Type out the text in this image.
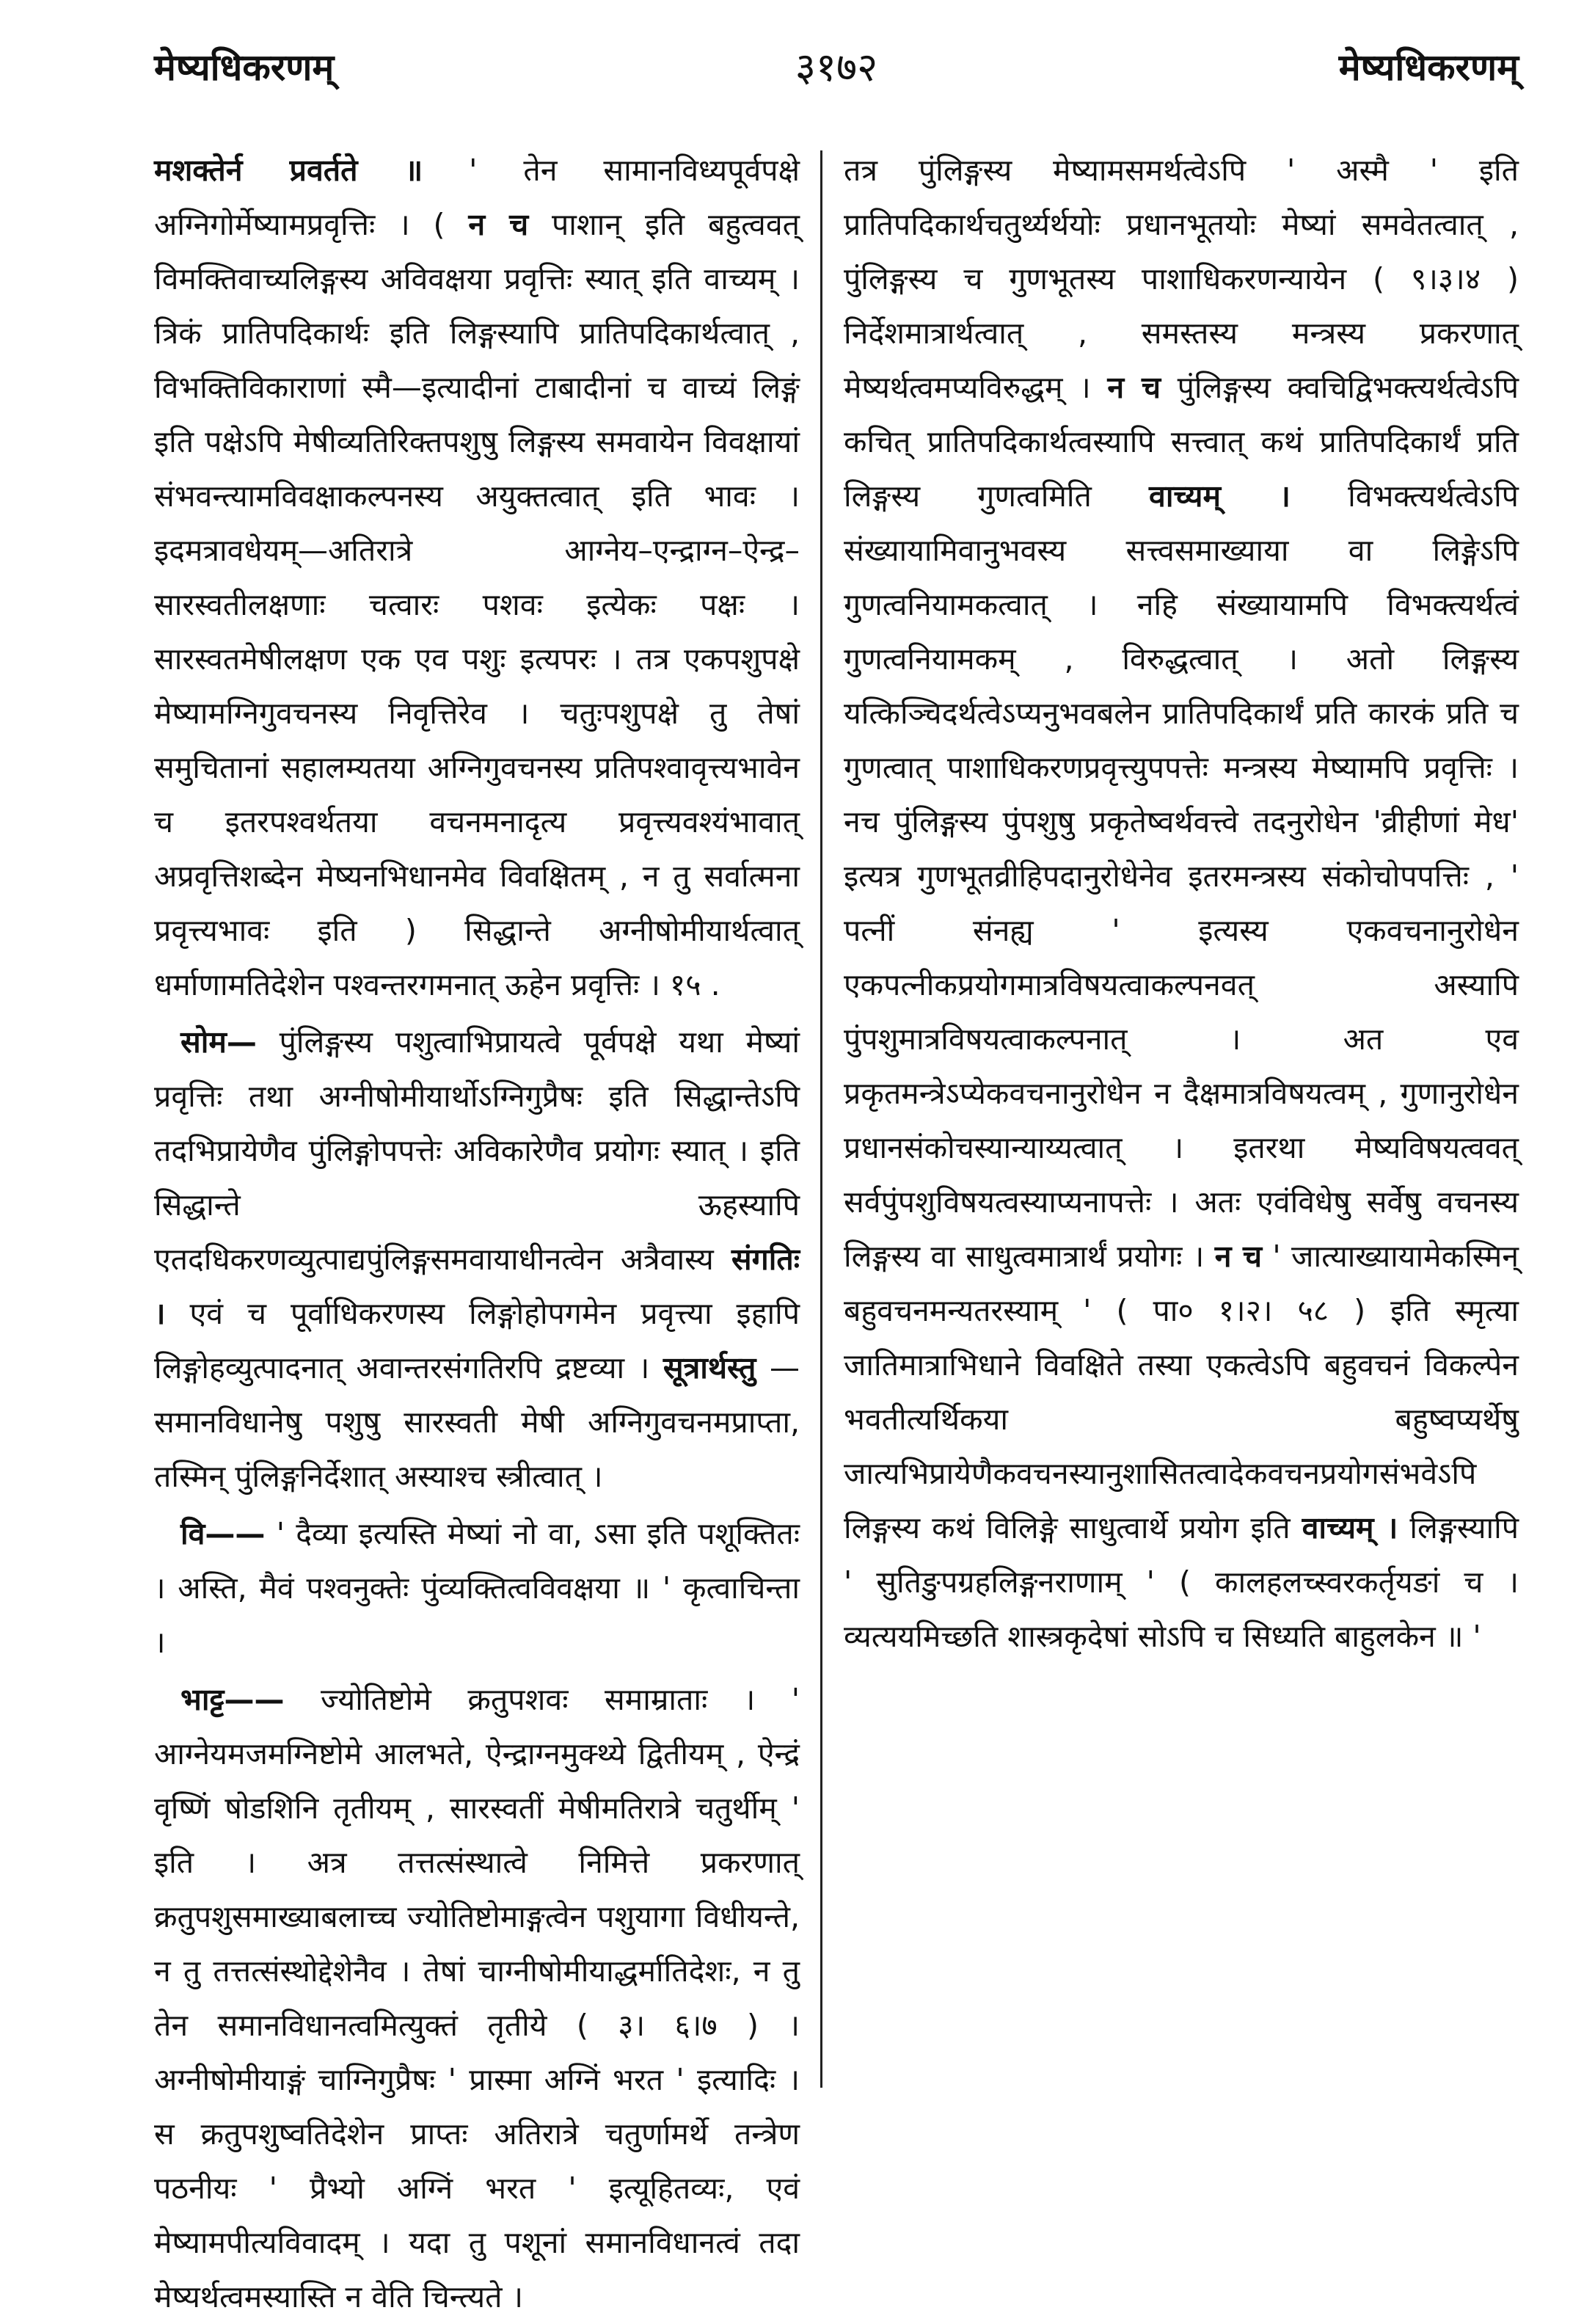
मेष्यधिकरणम्	३१७२	मेष्यधिकरणम्

मशक्तेर्न प्रवर्तते ॥ ' तेन सामानविध्यपूर्वपक्षे अग्निगोर्मेष्यामप्रवृत्तिः । ( न च पाशान् इति बहुत्ववत् विमक्तिवाच्यलिङ्गस्य अविवक्षया प्रवृत्तिः स्यात् इति वाच्यम् । त्रिकं प्रातिपदिकार्थः इति लिङ्गस्यापि प्रातिपदिकार्थत्वात् , विभक्तिविकाराणां स्मै—इत्यादीनां टाबादीनां च वाच्यं लिङ्गं इति पक्षेऽपि मेषीव्यतिरिक्तपशुषु लिङ्गस्य समवायेन विवक्षायां संभवन्त्यामविवक्षाकल्पनस्य अयुक्तत्वात् इति भावः । इदमत्रावधेयम्—अतिरात्रे आग्नेय–एन्द्राग्न–ऐन्द्र–सारस्वतीलक्षणाः चत्वारः पशवः इत्येकः पक्षः । सारस्वतमेषीलक्षण एक एव पशुः इत्यपरः । तत्र एकपशुपक्षे मेष्यामग्निगुवचनस्य निवृत्तिरेव । चतुःपशुपक्षे तु तेषां समुचितानां सहालम्यतया अग्निगुवचनस्य प्रतिपश्वावृत्त्यभावेन च इतरपश्वर्थतया वचनमनादृत्य प्रवृत्त्यवश्यंभावात् अप्रवृत्तिशब्देन मेष्यनभिधानमेव विवक्षितम् , न तु सर्वात्मना प्रवृत्त्यभावः इति ) सिद्धान्ते अग्नीषोमीयार्थत्वात् धर्माणामतिदेशेन पश्वन्तरगमनात् ऊहेन प्रवृत्तिः । १५ .

सोम— पुंलिङ्गस्य पशुत्वाभिप्रायत्वे पूर्वपक्षे यथा मेष्यां प्रवृत्तिः तथा अग्नीषोमीयार्थोऽग्निगुप्रैषः इति सिद्धान्तेऽपि तदभिप्रायेणैव पुंलिङ्गोपपत्तेः अविकारेणैव प्रयोगः स्यात् । इति सिद्धान्ते ऊहस्यापि एतदधिकरणव्युत्पाद्यपुंलिङ्गसमवायाधीनत्वेन अत्रैवास्य संगतिः । एवं च पूर्वाधिकरणस्य लिङ्गोहोपगमेन प्रवृत्त्या इहापि लिङ्गोहव्युत्पादनात् अवान्तरसंगतिरपि द्रष्टव्या । सूत्रार्थस्तु —समानविधानेषु पशुषु सारस्वती मेषी अग्निगुवचनमप्राप्ता, तस्मिन् पुंलिङ्गनिर्देशात् अस्याश्च स्त्रीत्वात् ।

वि—— ' दैव्या इत्यस्ति मेष्यां नो वा, ऽसा इति पशूक्तितः । अस्ति, मैवं पश्वनुक्तेः पुंव्यक्तित्वविवक्षया ॥ ' कृत्वाचिन्ता ।

भाट्ट—— ज्योतिष्टोमे क्रतुपशवः समाम्राताः । ' आग्नेयमजमग्निष्टोमे आलभते, ऐन्द्राग्नमुक्थ्ये द्वितीयम् , ऐन्द्रं वृष्णिं षोडशिनि तृतीयम् , सारस्वतीं मेषीमतिरात्रे चतुर्थीम् ' इति । अत्र तत्तत्संस्थात्वे निमित्ते प्रकरणात् क्रतुपशुसमाख्याबलाच्च ज्योतिष्टोमाङ्गत्वेन पशुयागा विधीयन्ते, न तु तत्तत्संस्थोद्देशेनैव । तेषां चाग्नीषोमीयाद्धर्मातिदेशः, न तु तेन समानविधानत्वमित्युक्तं तृतीये ( ३। ६।७ ) । अग्नीषोमीयाङ्गं चाग्निगुप्रैषः ' प्रास्मा अग्निं भरत ' इत्यादिः । स क्रतुपशुष्वतिदेशेन प्राप्तः अतिरात्रे चतुर्णामर्थे तन्त्रेण पठनीयः ' प्रैभ्यो अग्निं भरत ' इत्यूहितव्यः, एवं मेष्यामपीत्यविवादम् । यदा तु पशूनां समानविधानत्वं तदा मेष्यर्थत्वमस्यास्ति न वेति चिन्त्यते ।

तत्र पुंलिङ्गस्य मेष्यामसमर्थत्वेऽपि ' अस्मै ' इति प्रातिपदिकार्थचतुर्थ्यर्थयोः प्रधानभूतयोः मेष्यां समवेतत्वात् , पुंलिङ्गस्य च गुणभूतस्य पाशाधिकरणन्यायेन ( ९।३।४ ) निर्देशमात्रार्थत्वात् , समस्तस्य मन्त्रस्य प्रकरणात् मेष्यर्थत्वमप्यविरुद्धम् । न च पुंलिङ्गस्य क्वचिद्विभक्त्यर्थत्वेऽपि कचित् प्रातिपदिकार्थत्वस्यापि सत्त्वात् कथं प्रातिपदिकार्थं प्रति लिङ्गस्य गुणत्वमिति वाच्यम् । विभक्त्यर्थत्वेऽपि संख्यायामिवानुभवस्य सत्त्वसमाख्याया वा लिङ्गेऽपि गुणत्वनियामकत्वात् । नहि संख्यायामपि विभक्त्यर्थत्वं गुणत्वनियामकम् , विरुद्धत्वात् । अतो लिङ्गस्य यत्किञ्चिदर्थत्वेऽप्यनुभवबलेन प्रातिपदिकार्थं प्रति कारकं प्रति च गुणत्वात् पाशाधिकरणप्रवृत्त्युपपत्तेः मन्त्रस्य मेष्यामपि प्रवृत्तिः । नच पुंलिङ्गस्य पुंपशुषु प्रकृतेष्वर्थवत्त्वे तदनुरोधेन 'व्रीहीणां मेध' इत्यत्र गुणभूतव्रीहिपदानुरोधेनेव इतरमन्त्रस्य संकोचोपपत्तिः , ' पत्नीं संनह्य ' इत्यस्य एकवचनानुरोधेन एकपत्नीकप्रयोगमात्रविषयत्वाकल्पनवत् अस्यापि पुंपशुमात्रविषयत्वाकल्पनात् । अत एव प्रकृतमन्त्रेऽप्येकवचनानुरोधेन न दैक्षमात्रविषयत्वम् , गुणानुरोधेन प्रधानसंकोचस्यान्याय्यत्वात् । इतरथा मेष्यविषयत्ववत् सर्वपुंपशुविषयत्वस्याप्यनापत्तेः । अतः एवंविधेषु सर्वेषु वचनस्य लिङ्गस्य वा साधुत्वमात्रार्थं प्रयोगः । न च ' जात्याख्यायामेकस्मिन् बहुवचनमन्यतरस्याम् ' ( पा० १।२। ५८ ) इति स्मृत्या जातिमात्राभिधाने विवक्षिते तस्या एकत्वेऽपि बहुवचनं विकल्पेन भवतीत्यर्थिकया बहुष्वप्यर्थेषु जात्यभिप्रायेणैकवचनस्यानुशासितत्वादेकवचनप्रयोगसंभवेऽपि लिङ्गस्य कथं विलिङ्गे साधुत्वार्थे प्रयोग इति वाच्यम् । लिङ्गस्यापि ' सुतिङुपग्रहलिङ्गनराणाम् ' ( कालहलच्स्वरकर्तृयङां च । व्यत्ययमिच्छति शास्त्रकृदेषां सोऽपि च सिध्यति बाहुलकेन ॥ '
